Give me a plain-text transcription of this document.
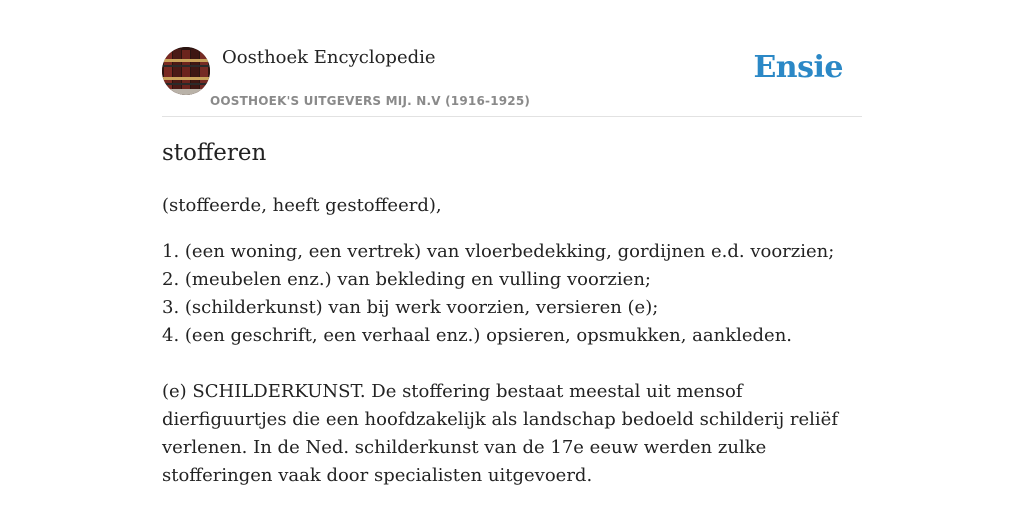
Oosthoek Encyclopedie
OOSTHOEK'S UITGEVERS MIJ. N.V (1916-1925)
Ensie
stofferen
(stoffeerde, heeft gestoffeerd),
1. (een woning, een vertrek) van vloerbedekking, gordijnen e.d. voorzien;
2. (meubelen enz.) van bekleding en vulling voorzien;
3. (schilderkunst) van bij werk voorzien, versieren (e);
4. (een geschrift, een verhaal enz.) opsieren, opsmukken, aankleden.
(e) SCHILDERKUNST. De stoffering bestaat meestal uit mensof dierfiguurtjes die een hoofdzakelijk als landschap bedoeld schilderij reliëf verlenen. In de Ned. schilderkunst van de 17e eeuw werden zulke stofferingen vaak door specialisten uitgevoerd.
